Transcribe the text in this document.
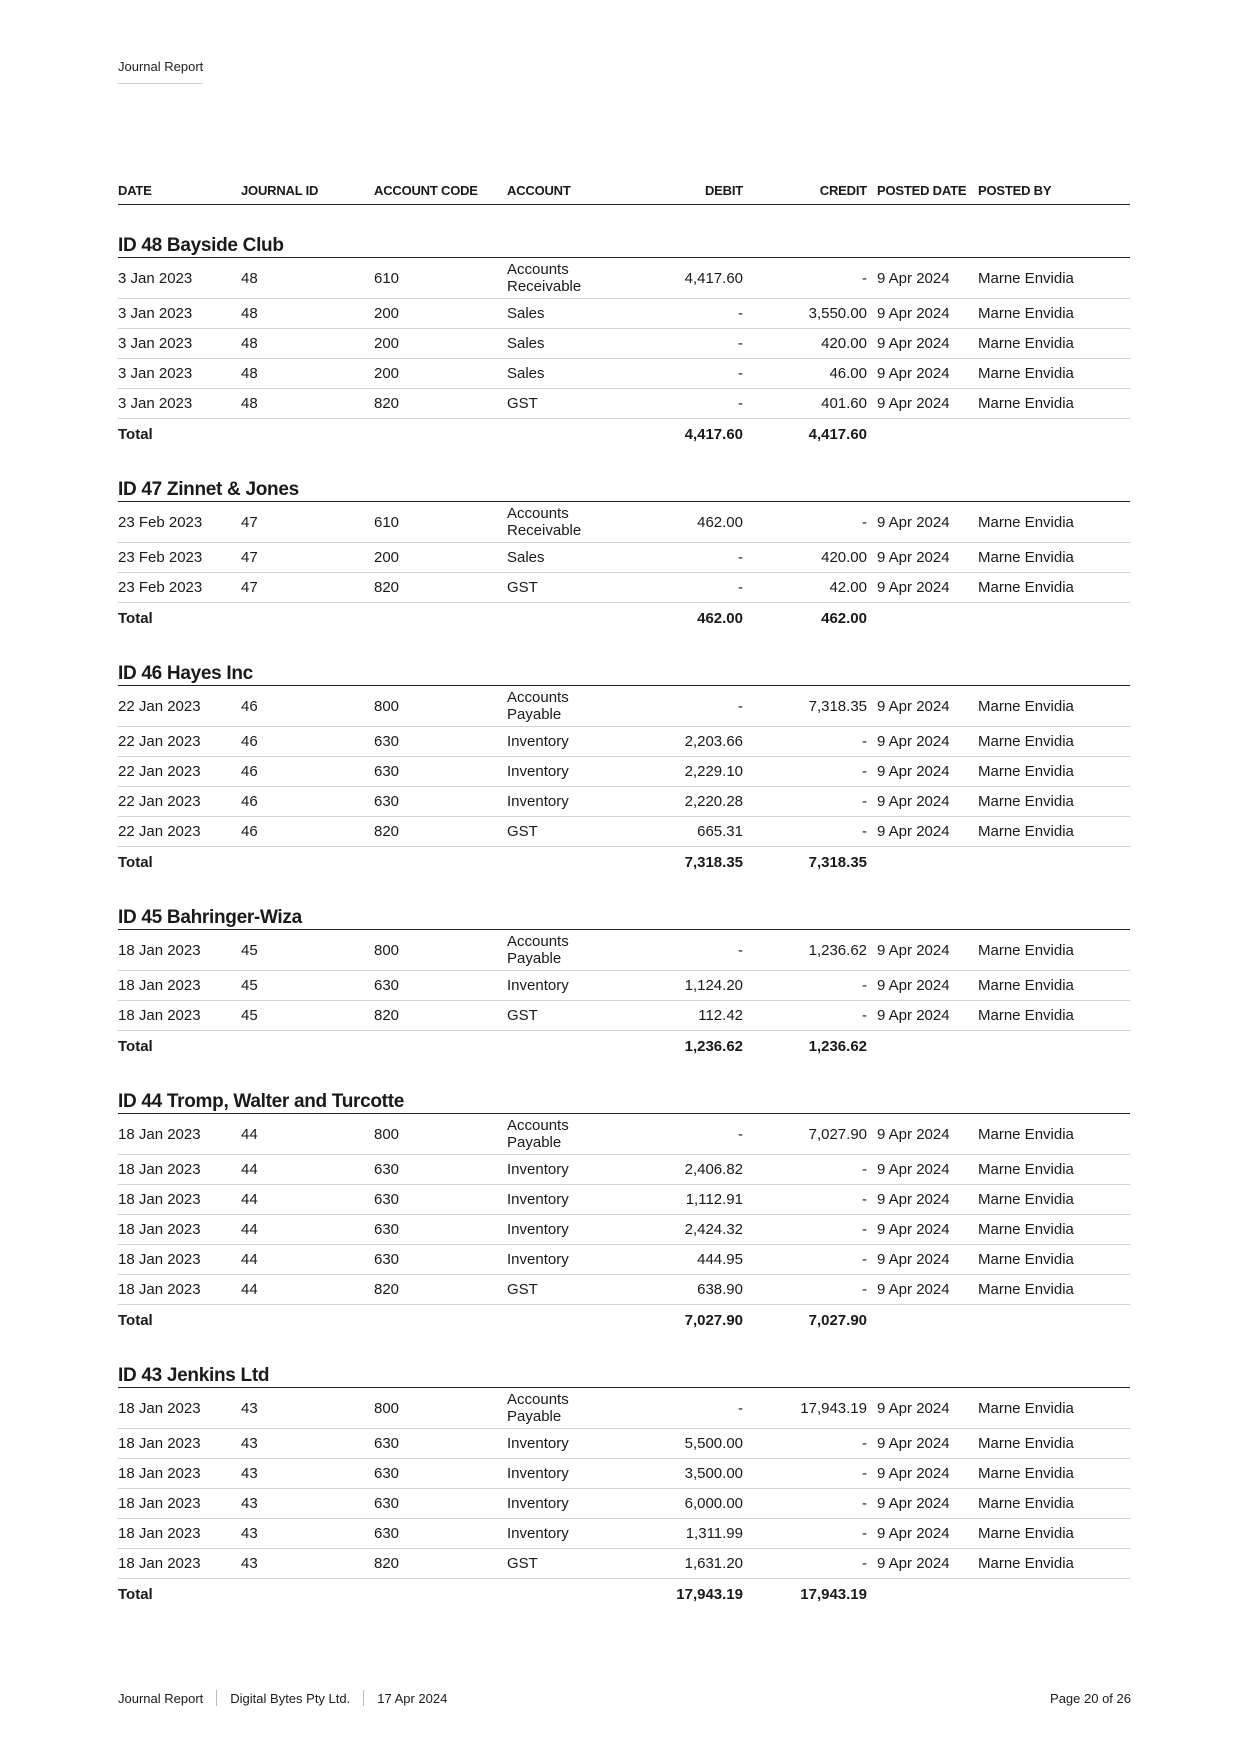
Journal Report
DATE	JOURNAL ID	ACCOUNT CODE	ACCOUNT	DEBIT	CREDIT	POSTED DATE	POSTED BY
ID 48 Bayside Club							
3 Jan 2023	48	610	Accounts Receivable	4,417.60	-	9 Apr 2024	Marne Envidia
3 Jan 2023	48	200	Sales	-	3,550.00	9 Apr 2024	Marne Envidia
3 Jan 2023	48	200	Sales	-	420.00	9 Apr 2024	Marne Envidia
3 Jan 2023	48	200	Sales	-	46.00	9 Apr 2024	Marne Envidia
3 Jan 2023	48	820	GST	-	401.60	9 Apr 2024	Marne Envidia
Total				4,417.60	4,417.60		
ID 47 Zinnet & Jones							
23 Feb 2023	47	610	Accounts Receivable	462.00	-	9 Apr 2024	Marne Envidia
23 Feb 2023	47	200	Sales	-	420.00	9 Apr 2024	Marne Envidia
23 Feb 2023	47	820	GST	-	42.00	9 Apr 2024	Marne Envidia
Total				462.00	462.00		
ID 46 Hayes Inc							
22 Jan 2023	46	800	Accounts Payable	-	7,318.35	9 Apr 2024	Marne Envidia
22 Jan 2023	46	630	Inventory	2,203.66	-	9 Apr 2024	Marne Envidia
22 Jan 2023	46	630	Inventory	2,229.10	-	9 Apr 2024	Marne Envidia
22 Jan 2023	46	630	Inventory	2,220.28	-	9 Apr 2024	Marne Envidia
22 Jan 2023	46	820	GST	665.31	-	9 Apr 2024	Marne Envidia
Total				7,318.35	7,318.35		
ID 45 Bahringer-Wiza							
18 Jan 2023	45	800	Accounts Payable	-	1,236.62	9 Apr 2024	Marne Envidia
18 Jan 2023	45	630	Inventory	1,124.20	-	9 Apr 2024	Marne Envidia
18 Jan 2023	45	820	GST	112.42	-	9 Apr 2024	Marne Envidia
Total				1,236.62	1,236.62		
ID 44 Tromp, Walter and Turcotte							
18 Jan 2023	44	800	Accounts Payable	-	7,027.90	9 Apr 2024	Marne Envidia
18 Jan 2023	44	630	Inventory	2,406.82	-	9 Apr 2024	Marne Envidia
18 Jan 2023	44	630	Inventory	1,112.91	-	9 Apr 2024	Marne Envidia
18 Jan 2023	44	630	Inventory	2,424.32	-	9 Apr 2024	Marne Envidia
18 Jan 2023	44	630	Inventory	444.95	-	9 Apr 2024	Marne Envidia
18 Jan 2023	44	820	GST	638.90	-	9 Apr 2024	Marne Envidia
Total				7,027.90	7,027.90		
ID 43 Jenkins Ltd							
18 Jan 2023	43	800	Accounts Payable	-	17,943.19	9 Apr 2024	Marne Envidia
18 Jan 2023	43	630	Inventory	5,500.00	-	9 Apr 2024	Marne Envidia
18 Jan 2023	43	630	Inventory	3,500.00	-	9 Apr 2024	Marne Envidia
18 Jan 2023	43	630	Inventory	6,000.00	-	9 Apr 2024	Marne Envidia
18 Jan 2023	43	630	Inventory	1,311.99	-	9 Apr 2024	Marne Envidia
18 Jan 2023	43	820	GST	1,631.20	-	9 Apr 2024	Marne Envidia
Total				17,943.19	17,943.19		
Journal Report Digital Bytes Pty Ltd. 17 Apr 2024	Page 20 of 26
